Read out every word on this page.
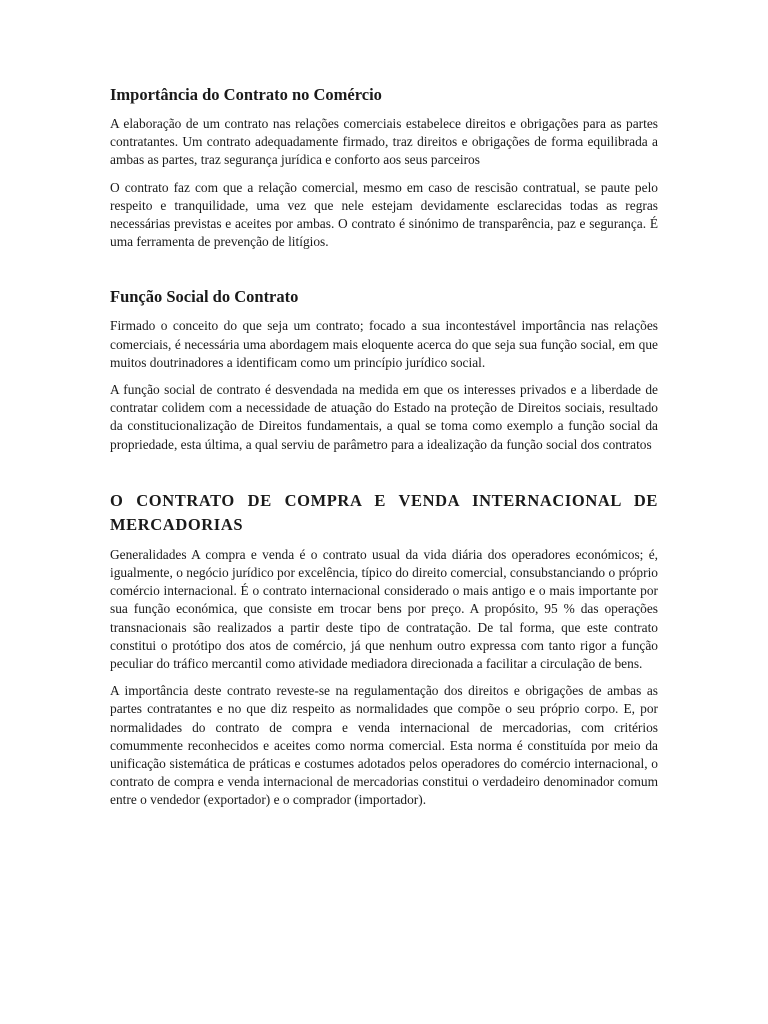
Importância do Contrato no Comércio

A elaboração de um contrato nas relações comerciais estabelece direitos e obrigações para as partes contratantes. Um contrato adequadamente firmado, traz direitos e obrigações de forma equilibrada a ambas as partes, traz segurança jurídica e conforto aos seus parceiros

O contrato faz com que a relação comercial, mesmo em caso de rescisão contratual, se paute pelo respeito e tranquilidade, uma vez que nele estejam devidamente esclarecidas todas as regras necessárias previstas e aceites por ambas. O contrato é sinónimo de transparência, paz e segurança. É uma ferramenta de prevenção de litígios.

Função Social do Contrato

Firmado o conceito do que seja um contrato; focado a sua incontestável importância nas relações comerciais, é necessária uma abordagem mais eloquente acerca do que seja sua função social, em que muitos doutrinadores a identificam como um princípio jurídico social.

A função social de contrato é desvendada na medida em que os interesses privados e a liberdade de contratar colidem com a necessidade de atuação do Estado na proteção de Direitos sociais, resultado da constitucionalização de Direitos fundamentais, a qual se toma como exemplo a função social da propriedade, esta última, a qual serviu de parâmetro para a idealização da função social dos contratos

O CONTRATO DE COMPRA E VENDA INTERNACIONAL DE MERCADORIAS

Generalidades A compra e venda é o contrato usual da vida diária dos operadores económicos; é, igualmente, o negócio jurídico por excelência, típico do direito comercial, consubstanciando o próprio comércio internacional. É o contrato internacional considerado o mais antigo e o mais importante por sua função económica, que consiste em trocar bens por preço. A propósito, 95 % das operações transnacionais são realizados a partir deste tipo de contratação. De tal forma, que este contrato constitui o protótipo dos atos de comércio, já que nenhum outro expressa com tanto rigor a função peculiar do tráfico mercantil como atividade mediadora direcionada a facilitar a circulação de bens.

A importância deste contrato reveste-se na regulamentação dos direitos e obrigações de ambas as partes contratantes e no que diz respeito as normalidades que compõe o seu próprio corpo. E, por normalidades do contrato de compra e venda internacional de mercadorias, com critérios comummente reconhecidos e aceites como norma comercial. Esta norma é constituída por meio da unificação sistemática de práticas e costumes adotados pelos operadores do comércio internacional, o contrato de compra e venda internacional de mercadorias constitui o verdadeiro denominador comum entre o vendedor (exportador) e o comprador (importador).
